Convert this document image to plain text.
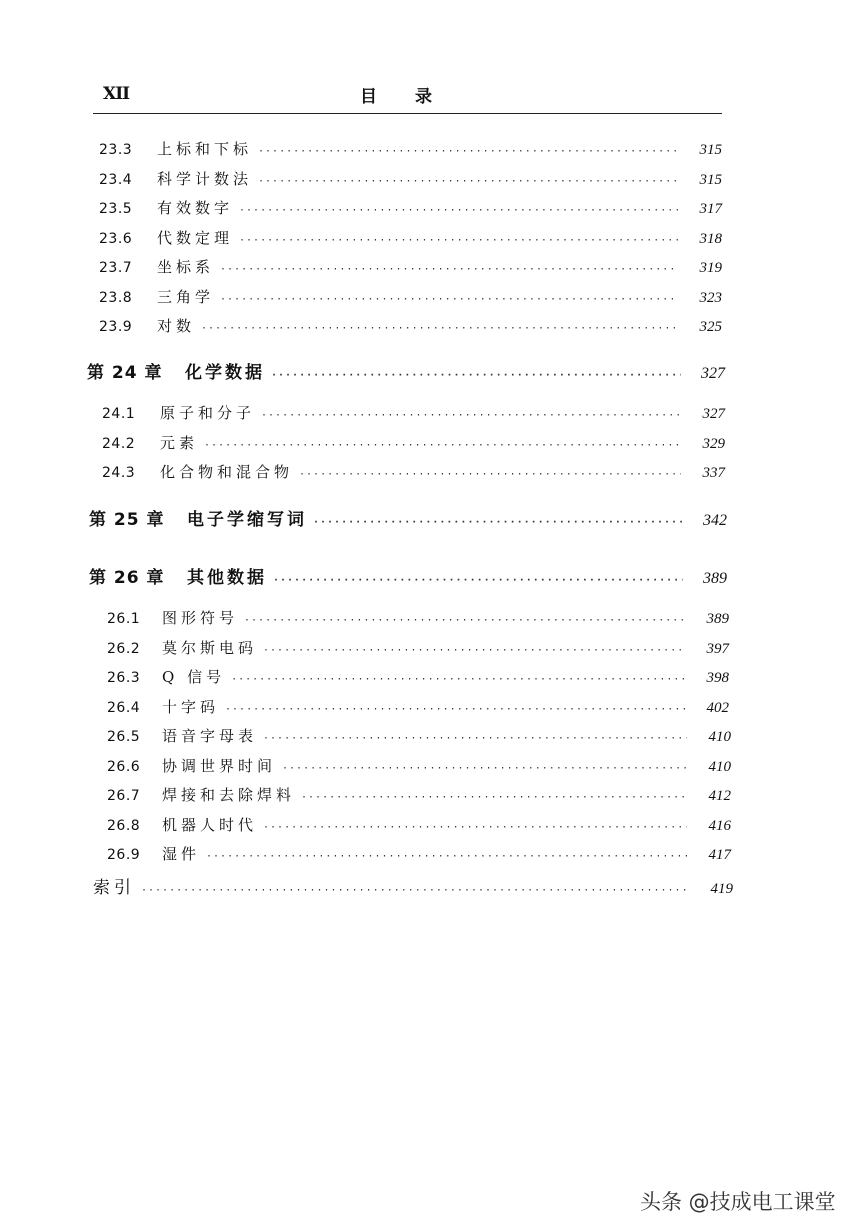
XII	目录
23.3	上标和下标 ·····	315
23.4	科学计数法 ·····	315
23.5	有效数字 ·····	317
23.6	代数定理 ·····	318
23.7	坐标系 ·····	319
23.8	三角学 ·····	323
23.9	对数 ·····	325
第 24 章	化学数据 ·····	327
24.1	原子和分子 ·····	327
24.2	元素 ·····	329
24.3	化合物和混合物 ·····	337
第 25 章	电子学缩写词 ·····	342
第 26 章	其他数据 ·····	389
26.1	图形符号 ·····	389
26.2	莫尔斯电码 ·····	397
26.3	Q 信号 ·····	398
26.4	十字码 ·····	402
26.5	语音字母表 ·····	410
26.6	协调世界时间 ·····	410
26.7	焊接和去除焊料 ·····	412
26.8	机器人时代 ·····	416
26.9	湿件 ·····	417
索引 ·····	419
头条 @技成电工课堂
